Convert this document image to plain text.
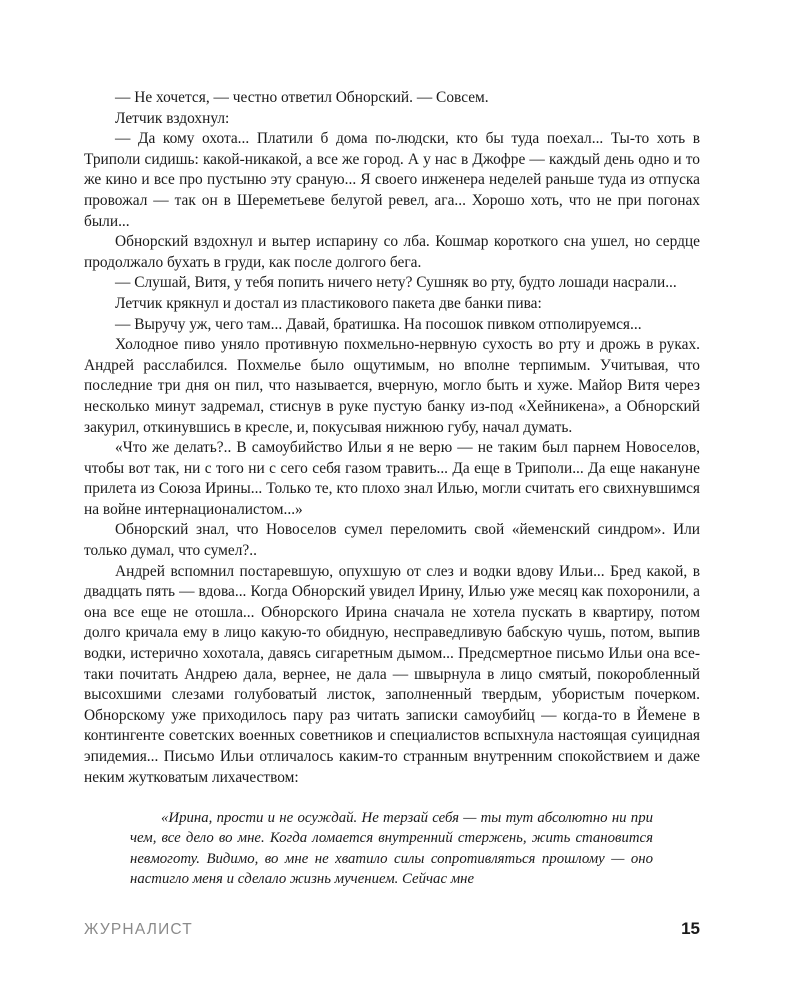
— Не хочется, — честно ответил Обнорский. — Совсем.

Летчик вздохнул:

— Да кому охота... Платили б дома по-людски, кто бы туда поехал... Ты-то хоть в Триполи сидишь: какой-никакой, а все же город. А у нас в Джофре — каждый день одно и то же кино и все про пустыню эту сраную... Я своего инженера неделей раньше туда из отпуска провожал — так он в Шереметьеве белугой ревел, ага... Хорошо хоть, что не при погонах были...

Обнорский вздохнул и вытер испарину со лба. Кошмар короткого сна ушел, но сердце продолжало бухать в груди, как после долгого бега.

— Слушай, Витя, у тебя попить ничего нету? Сушняк во рту, будто лошади насрали...

Летчик крякнул и достал из пластикового пакета две банки пива:

— Выручу уж, чего там... Давай, братишка. На посошок пивком отполируемся...

Холодное пиво уняло противную похмельно-нервную сухость во рту и дрожь в руках. Андрей расслабился. Похмелье было ощутимым, но вполне терпимым. Учитывая, что последние три дня он пил, что называется, вчерную, могло быть и хуже. Майор Витя через несколько минут задремал, стиснув в руке пустую банку из-под «Хейникена», а Обнорский закурил, откинувшись в кресле, и, покусывая нижнюю губу, начал думать.

«Что же делать?.. В самоубийство Ильи я не верю — не таким был парнем Новоселов, чтобы вот так, ни с того ни с сего себя газом травить... Да еще в Триполи... Да еще накануне прилета из Союза Ирины... Только те, кто плохо знал Илью, могли считать его свихнувшимся на войне интернационалистом...»

Обнорский знал, что Новоселов сумел переломить свой «йеменский синдром». Или только думал, что сумел?..

Андрей вспомнил постаревшую, опухшую от слез и водки вдову Ильи... Бред какой, в двадцать пять — вдова... Когда Обнорский увидел Ирину, Илью уже месяц как похоронили, а она все еще не отошла... Обнорского Ирина сначала не хотела пускать в квартиру, потом долго кричала ему в лицо какую-то обидную, несправедливую бабскую чушь, потом, выпив водки, истерично хохотала, давясь сигаретным дымом... Предсмертное письмо Ильи она все-таки почитать Андрею дала, вернее, не дала — швырнула в лицо смятый, покоробленный высохшими слезами голубоватый листок, заполненный твердым, убористым почерком. Обнорскому уже приходилось пару раз читать записки самоубийц — когда-то в Йемене в контингенте советских военных советников и специалистов вспыхнула настоящая суицидная эпидемия... Письмо Ильи отличалось каким-то странным внутренним спокойствием и даже неким жутковатым лихачеством:

«Ирина, прости и не осуждай. Не терзай себя — ты тут абсолютно ни при чем, все дело во мне. Когда ломается внутренний стержень, жить становится невмоготу. Видимо, во мне не хватило силы сопротивляться прошлому — оно настигло меня и сделало жизнь мучением. Сейчас мне

ЖУРНАЛИСТ	15
